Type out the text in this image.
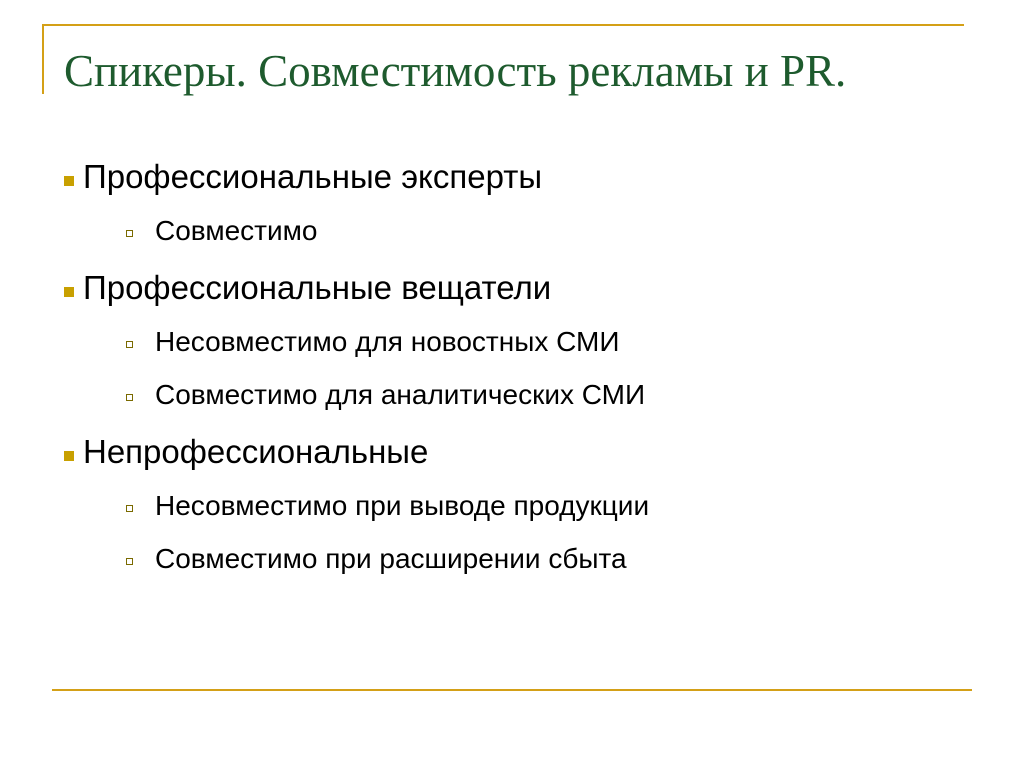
Спикеры. Совместимость рекламы и PR.
Профессиональные эксперты
Совместимо
Профессиональные вещатели
Несовместимо для новостных СМИ
Совместимо для аналитических СМИ
Непрофессиональные
Несовместимо при выводе продукции
Совместимо при расширении сбыта
